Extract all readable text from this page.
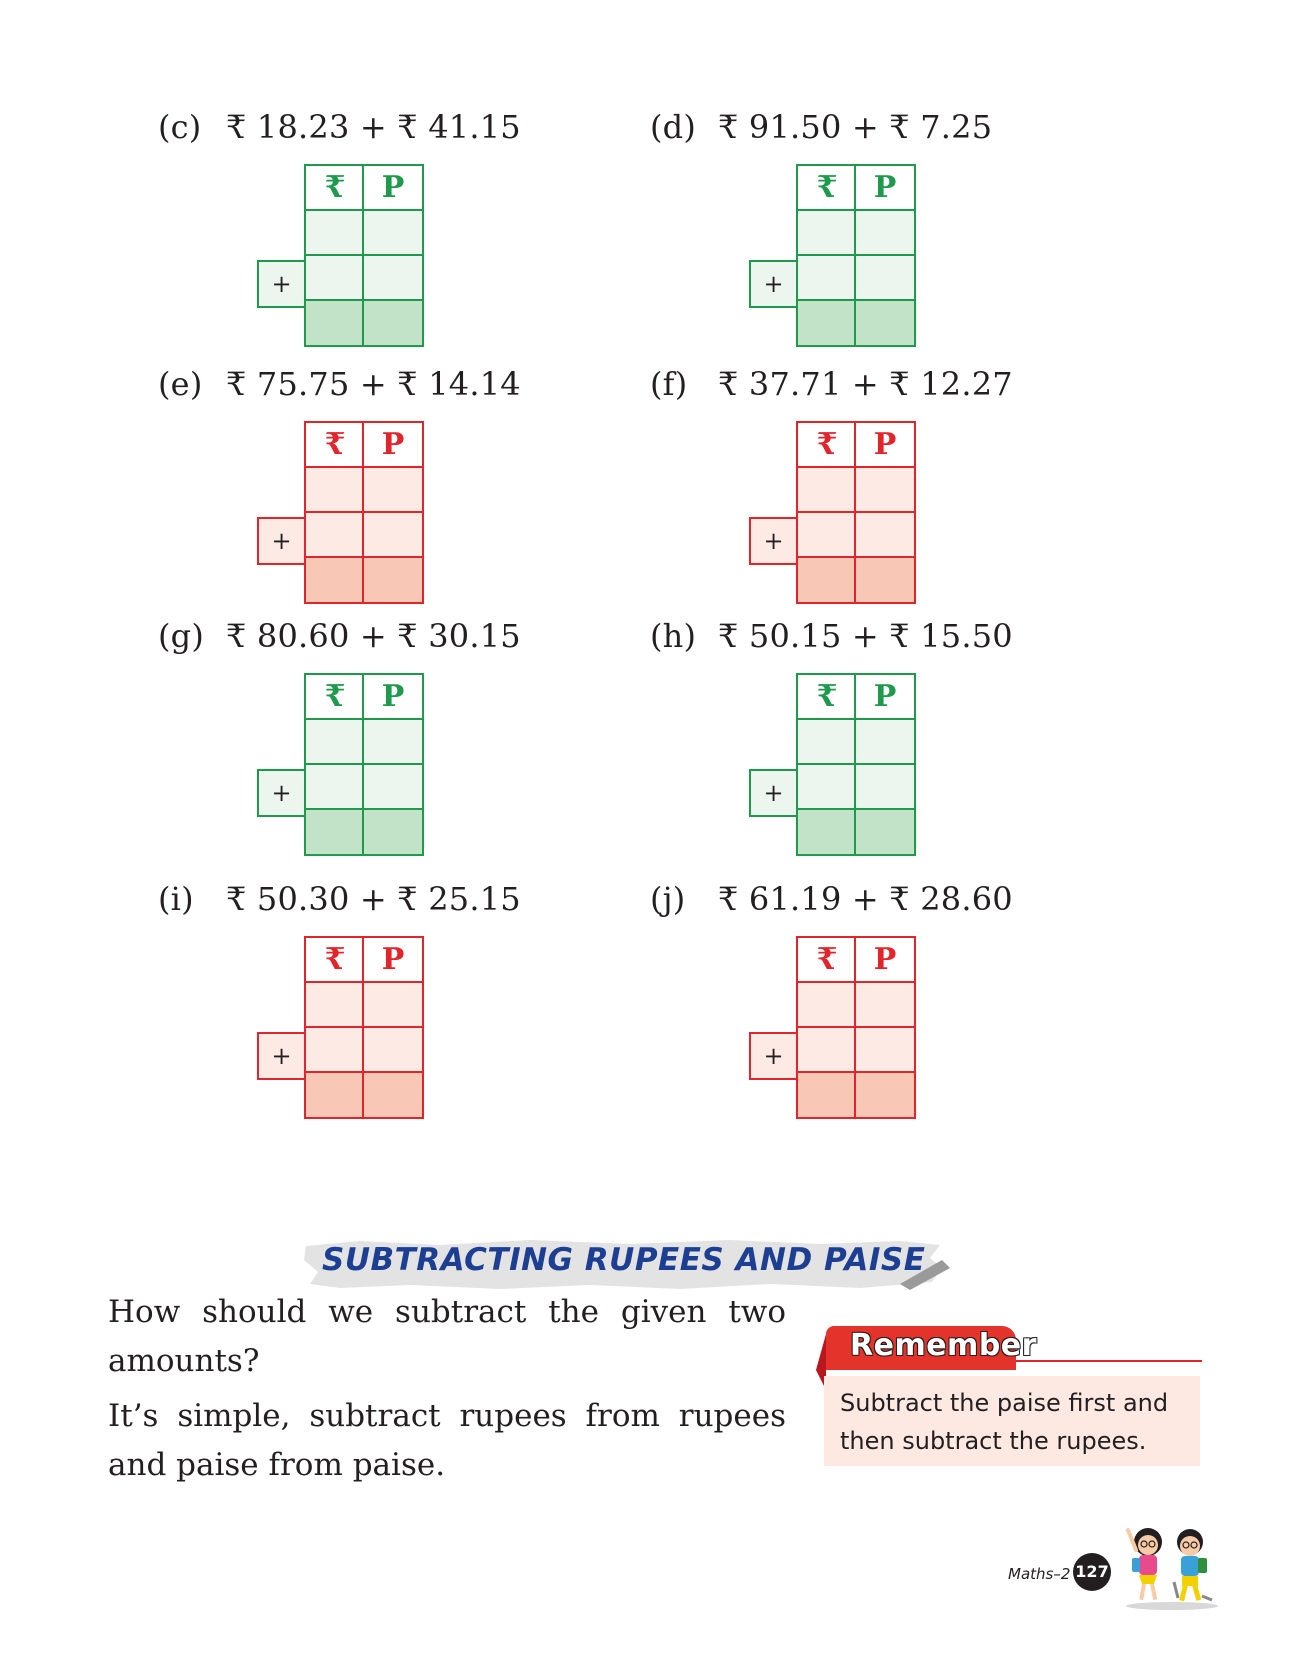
(c) ₹ 18.23 + ₹ 41.15
₹	P
+
(d) ₹ 91.50 + ₹ 7.25
₹	P
+
(e) ₹ 75.75 + ₹ 14.14
₹	P
+
(f) ₹ 37.71 + ₹ 12.27
₹	P
+
(g) ₹ 80.60 + ₹ 30.15
₹	P
+
(h) ₹ 50.15 + ₹ 15.50
₹	P
+
(i) ₹ 50.30 + ₹ 25.15
₹	P
+
(j) ₹ 61.19 + ₹ 28.60
₹	P
+
SUBTRACTING RUPEES AND PAISE
How should we subtract the given two
amounts?
It’s simple, subtract rupees from rupees
and paise from paise.
Remember
Subtract the paise first and
then subtract the rupees.
Maths–2 127
